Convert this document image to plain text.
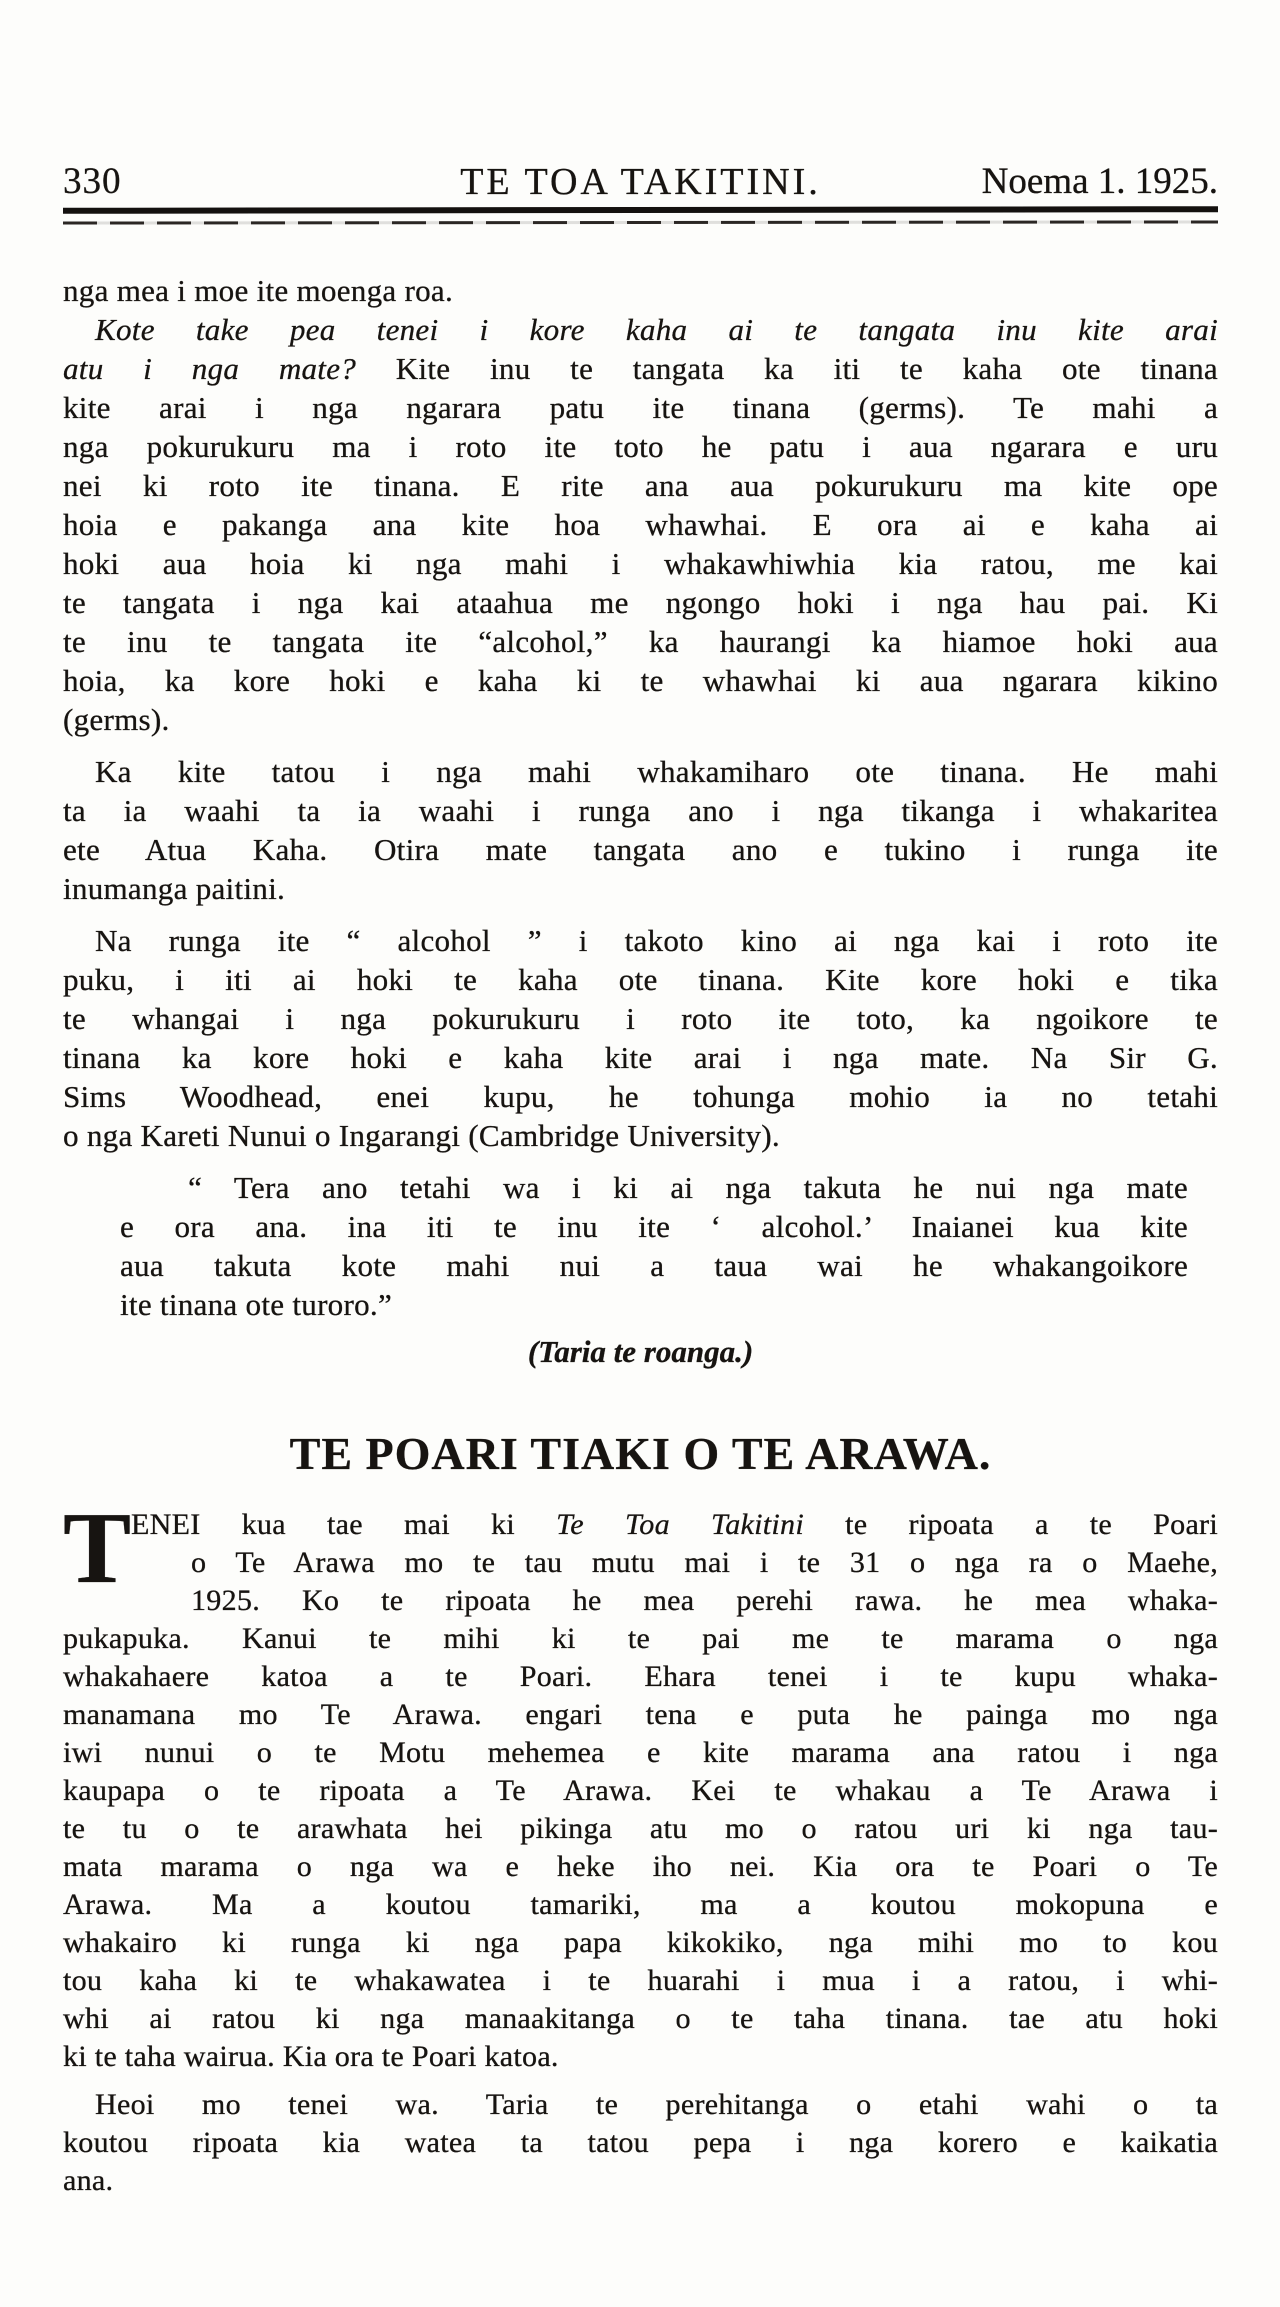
330	TE TOA TAKITINI.	Noema 1. 1925.
nga mea i moe ite moenga roa.
Kote take pea tenei i kore kaha ai te tangata inu kite arai
atu i nga mate? Kite inu te tangata ka iti te kaha ote tinana
kite arai i nga ngarara patu ite tinana (germs). Te mahi a
nga pokurukuru ma i roto ite toto he patu i aua ngarara e uru
nei ki roto ite tinana. E rite ana aua pokurukuru ma kite ope
hoia e pakanga ana kite hoa whawhai. E ora ai e kaha ai
hoki aua hoia ki nga mahi i whakawhiwhia kia ratou, me kai
te tangata i nga kai ataahua me ngongo hoki i nga hau pai. Ki
te inu te tangata ite “alcohol,” ka haurangi ka hiamoe hoki aua
hoia, ka kore hoki e kaha ki te whawhai ki aua ngarara kikino
(germs).
Ka kite tatou i nga mahi whakamiharo ote tinana. He mahi
ta ia waahi ta ia waahi i runga ano i nga tikanga i whakaritea
ete Atua Kaha. Otira mate tangata ano e tukino i runga ite
inumanga paitini.
Na runga ite “ alcohol ” i takoto kino ai nga kai i roto ite
puku, i iti ai hoki te kaha ote tinana. Kite kore hoki e tika
te whangai i nga pokurukuru i roto ite toto, ka ngoikore te
tinana ka kore hoki e kaha kite arai i nga mate. Na Sir G.
Sims Woodhead, enei kupu, he tohunga mohio ia no tetahi
o nga Kareti Nunui o Ingarangi (Cambridge University).
“ Tera ano tetahi wa i ki ai nga takuta he nui nga mate
e ora ana. ina iti te inu ite ‘ alcohol.’ Inaianei kua kite
aua takuta kote mahi nui a taua wai he whakangoikore
ite tinana ote turoro.”
(Taria te roanga.)
TE POARI TIAKI O TE ARAWA.
T ENEI kua tae mai ki Te Toa Takitini te ripoata a te Poari
o Te Arawa mo te tau mutu mai i te 31 o nga ra o Maehe,
1925. Ko te ripoata he mea perehi rawa. he mea whaka-
pukapuka. Kanui te mihi ki te pai me te marama o nga
whakahaere katoa a te Poari. Ehara tenei i te kupu whaka-
manamana mo Te Arawa. engari tena e puta he painga mo nga
iwi nunui o te Motu mehemea e kite marama ana ratou i nga
kaupapa o te ripoata a Te Arawa. Kei te whakau a Te Arawa i
te tu o te arawhata hei pikinga atu mo o ratou uri ki nga tau-
mata marama o nga wa e heke iho nei. Kia ora te Poari o Te
Arawa. Ma a koutou tamariki, ma a koutou mokopuna e
whakairo ki runga ki nga papa kikokiko, nga mihi mo to kou
tou kaha ki te whakawatea i te huarahi i mua i a ratou, i whi-
whi ai ratou ki nga manaakitanga o te taha tinana. tae atu hoki
ki te taha wairua. Kia ora te Poari katoa.
Heoi mo tenei wa. Taria te perehitanga o etahi wahi o ta
koutou ripoata kia watea ta tatou pepa i nga korero e kaikatia
ana.
